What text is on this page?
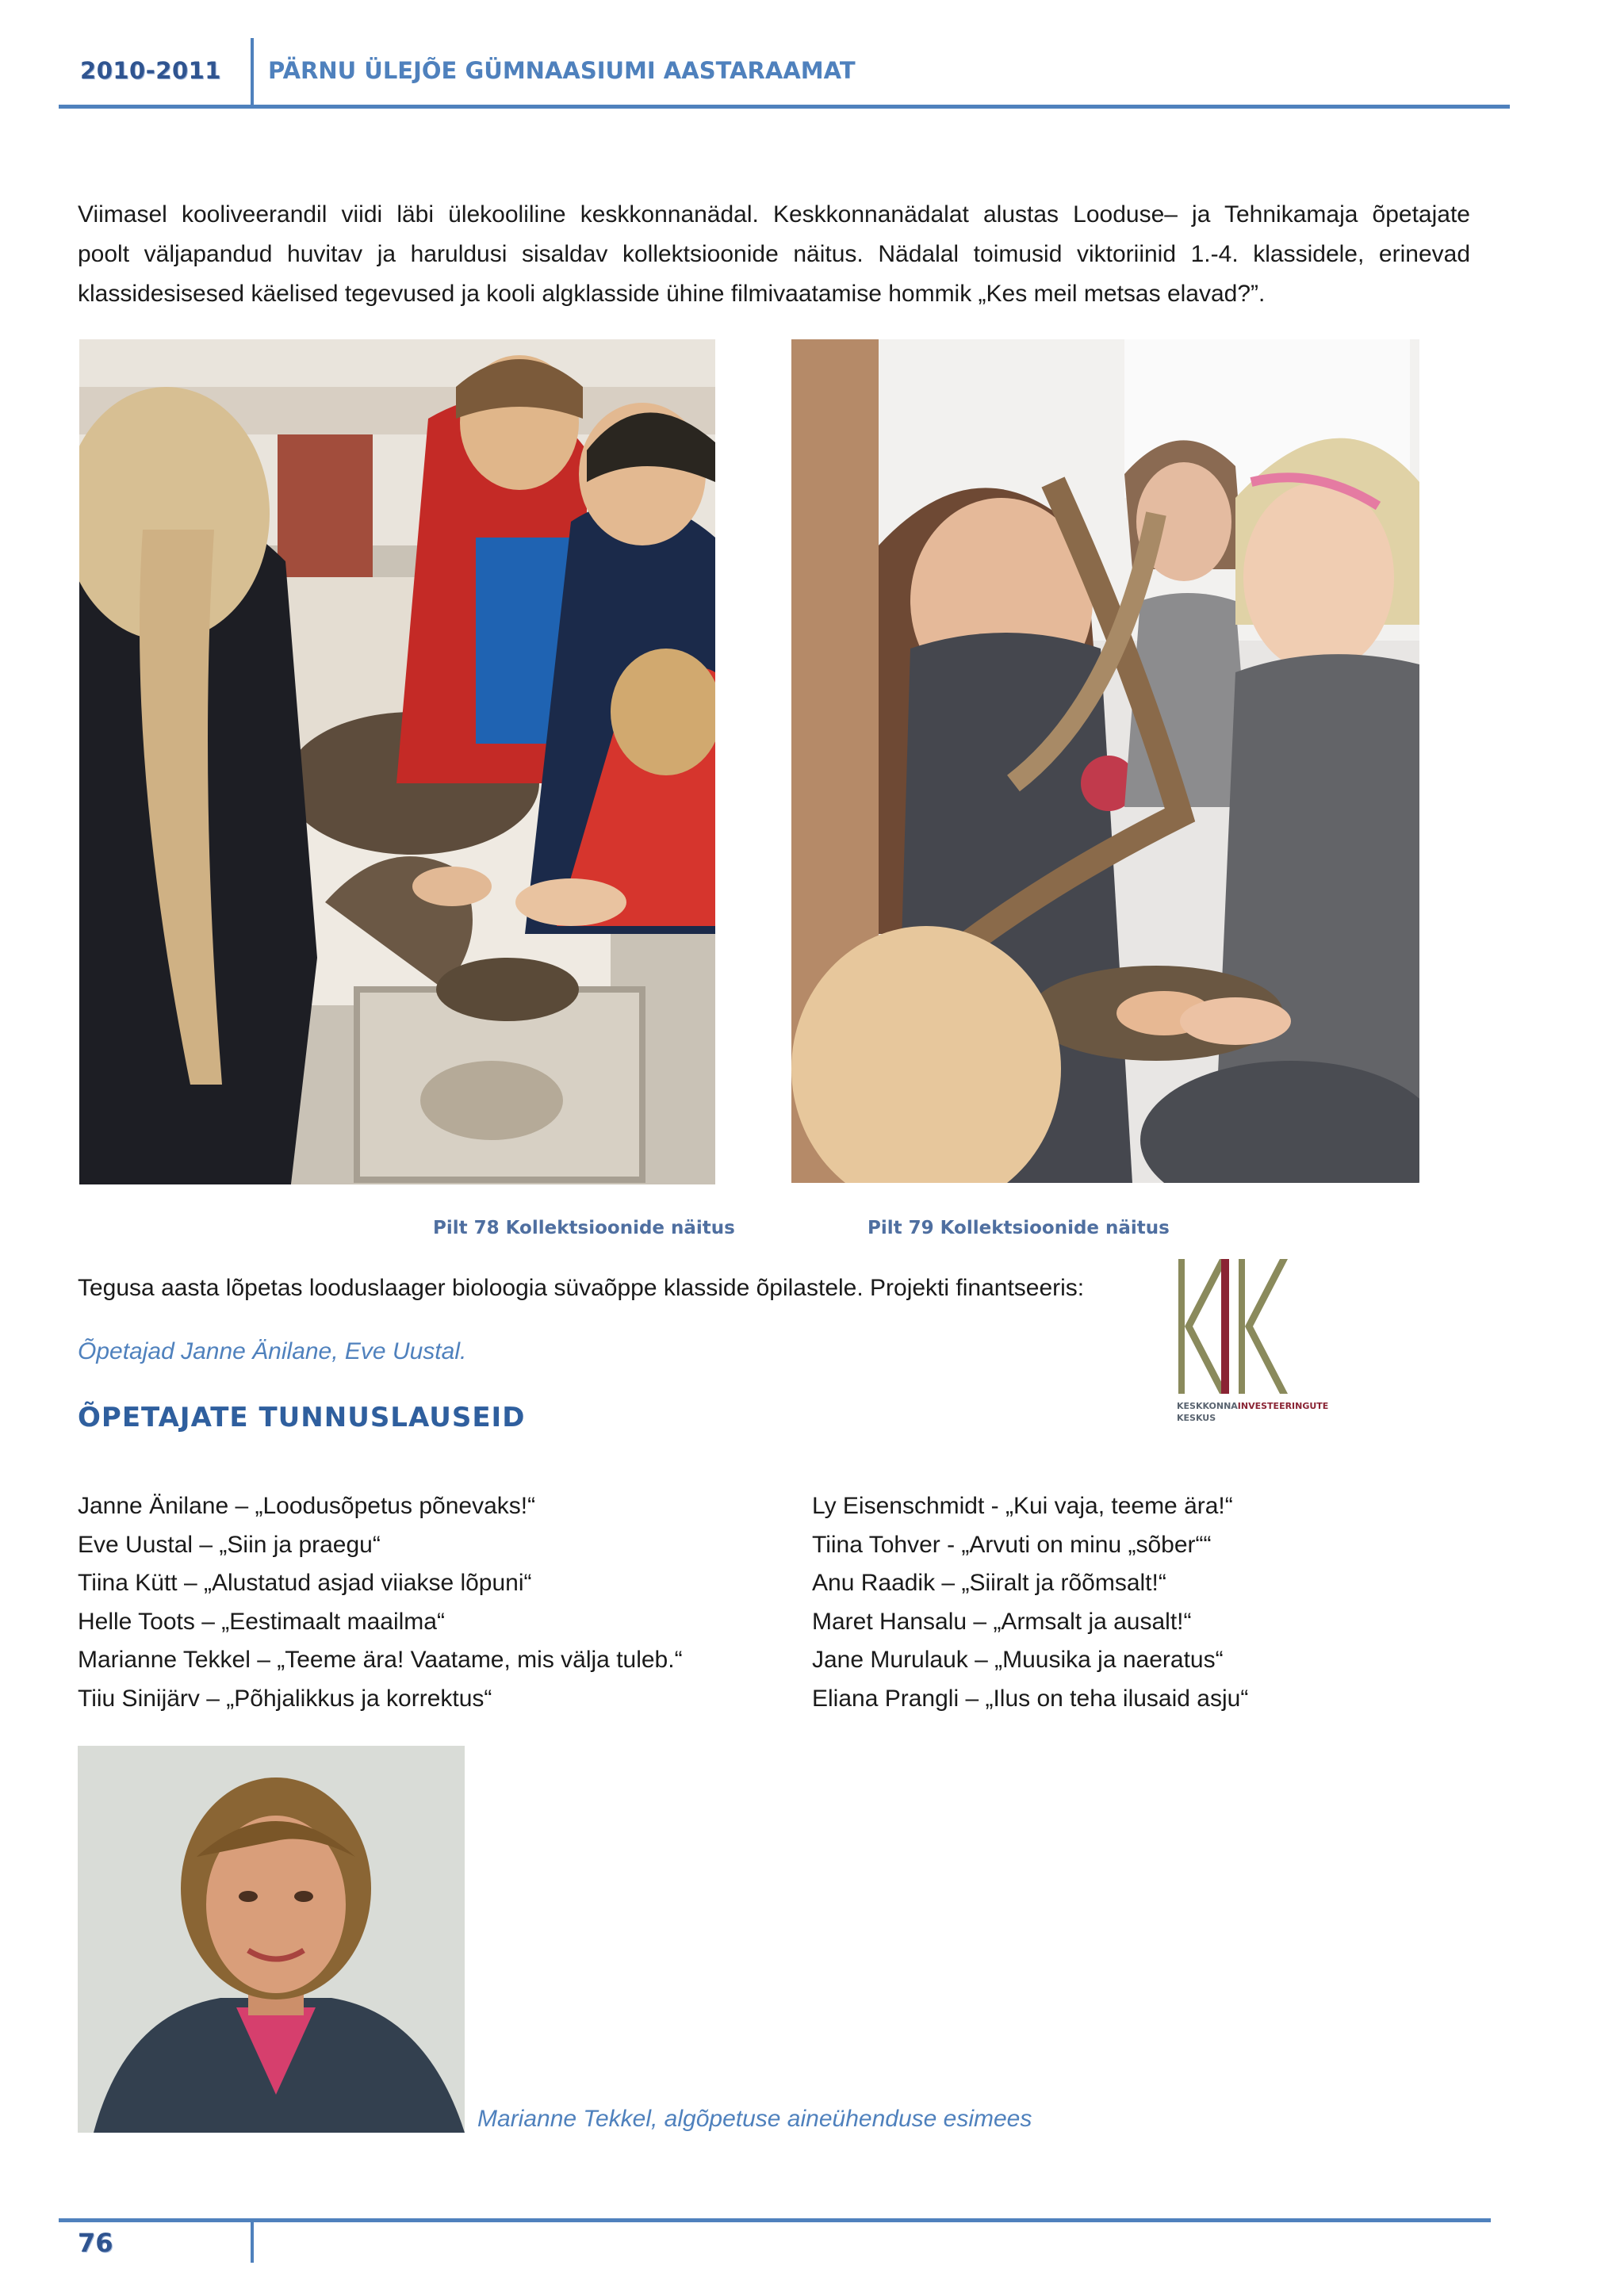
2010-2011	PÄRNU ÜLEJÕE GÜMNAASIUMI AASTARAAMAT
Viimasel kooliveerandil viidi läbi ülekooliline keskkonnanädal. Keskkonnanädalat alustas Looduse– ja Tehnikamaja õpetajate
poolt väljapandud huvitav ja haruldusi sisaldav kollektsioonide näitus. Nädalal toimusid viktoriinid 1.-4. klassidele, erinevad
klassidesisesed käelised tegevused ja kooli algklasside ühine filmivaatamise hommik „Kes meil metsas elavad?”.
Pilt 78 Kollektsioonide näitus	Pilt 79 Kollektsioonide näitus
Tegusa aasta lõpetas looduslaager bioloogia süvaõppe klasside õpilastele. Projekti finantseeris:
Õpetajad Janne Änilane, Eve Uustal.
KESKKONNAINVESTEERINGUTE
KESKUS
ÕPETAJATE TUNNUSLAUSEID
Janne Änilane – „Loodusõpetus põnevaks!“
Eve Uustal – „Siin ja praegu“
Tiina Kütt – „Alustatud asjad viiakse lõpuni“
Helle Toots – „Eestimaalt maailma“
Marianne Tekkel – „Teeme ära! Vaatame, mis välja tuleb.“
Tiiu Sinijärv – „Põhjalikkus ja korrektus“
Ly Eisenschmidt - „Kui vaja, teeme ära!“
Tiina Tohver - „Arvuti on minu „sõber““
Anu Raadik – „Siiralt ja rõõmsalt!“
Maret Hansalu – „Armsalt ja ausalt!“
Jane Murulauk – „Muusika ja naeratus“
Eliana Prangli – „Ilus on teha ilusaid asju“
Marianne Tekkel, algõpetuse aineühenduse esimees
76
